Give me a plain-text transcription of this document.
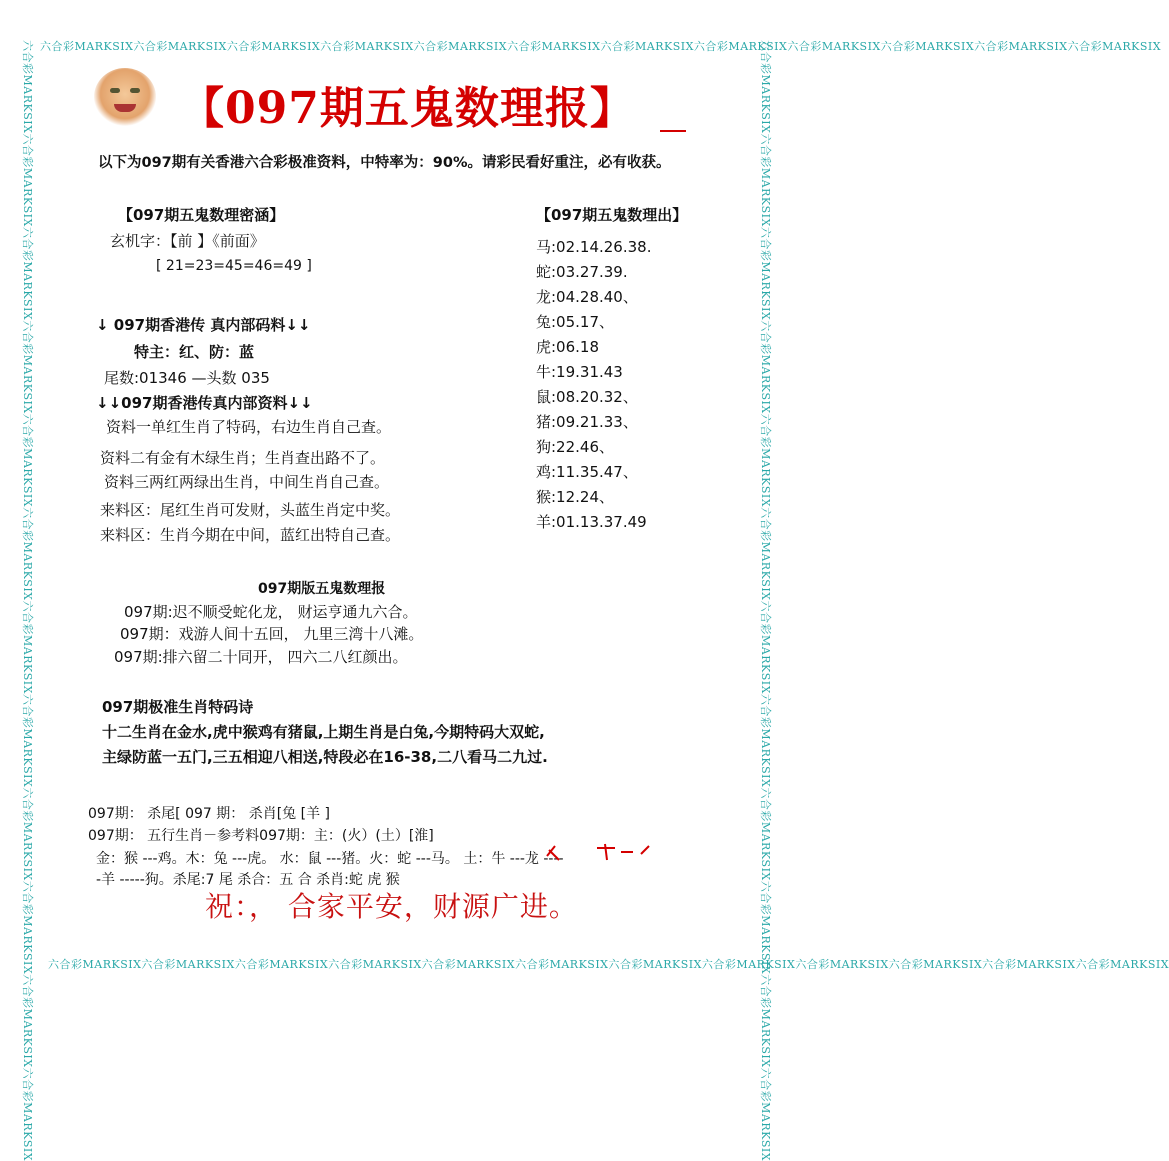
六合彩MARKSIX六合彩MARKSIX六合彩MARKSIX六合彩MARKSIX六合彩MARKSIX六合彩MARKSIX六合彩MARKSIX六合彩MARKSIX六合彩MARKSIX六合彩MARKSIX六合彩MARKSIX六合彩MARKSIX
六合彩MARKSIX六合彩MARKSIX六合彩MARKSIX六合彩MARKSIX六合彩MARKSIX六合彩MARKSIX六合彩MARKSIX六合彩MARKSIX六合彩MARKSIX六合彩MARKSIX六合彩MARKSIX六合彩MARKSIX
六合彩MARKSIX六合彩MARKSIX六合彩MARKSIX六合彩MARKSIX六合彩MARKSIX六合彩MARKSIX六合彩MARKSIX六合彩MARKSIX六合彩MARKSIX六合彩MARKSIX六合彩MARKSIX六合彩MARKSIX	六合彩MARKSIX六合彩MARKSIX六合彩MARKSIX六合彩MARKSIX六合彩MARKSIX六合彩MARKSIX六合彩MARKSIX六合彩MARKSIX六合彩MARKSIX六合彩MARKSIX六合彩MARKSIX六合彩MARKSIX
【097期五鬼数理报】
以下为097期有关香港六合彩极准资料，中特率为：90%。请彩民看好重注，必有收获。
【097期五鬼数理密涵】
玄机字：【前 】《前面》
[ 21=23=45=46=49 ]
↓ 097期香港传 真内部码料↓↓
特主：红、防：蓝
尾数:01346 —头数 035
↓↓097期香港传真内部资料↓↓
资料一单红生肖了特码，右边生肖自己查。
资料二有金有木绿生肖；生肖查出路不了。
资料三两红两绿出生肖，中间生肖自己查。
来料区：尾红生肖可发财，头蓝生肖定中奖。
来料区：生肖今期在中间，蓝红出特自己查。
【097期五鬼数理出】
马:02.14.26.38.
蛇:03.27.39.
龙:04.28.40、
兔:05.17、
虎:06.18
牛:19.31.43
鼠:08.20.32、
猪:09.21.33、
狗:22.46、
鸡:11.35.47、
猴:12.24、
羊:01.13.37.49
097期版五鬼数理报
097期:迟不顺受蛇化龙， 财运亨通九六合。
097期：戏游人间十五回， 九里三湾十八滩。
097期:排六留二十同开， 四六二八红颜出。
097期极准生肖特码诗
十二生肖在金水,虎中猴鸡有猪鼠,上期生肖是白兔,今期特码大双蛇,
主绿防蓝一五门,三五相迎八相送,特段必在16-38,二八看马二九过.
097期： 杀尾[ 097 期： 杀肖[兔 [羊 ]
097期： 五行生肖－参考料097期：主：(火）(土）[淮]
金：猴 ---鸡。木：兔 ---虎。 水：鼠 ---猪。火：蛇 ---马。 土：牛 ---龙 ----
-羊 -----狗。杀尾:7 尾 杀合：五 合 杀肖:蛇 虎 猴
祝：， 合家平安，财源广进。
